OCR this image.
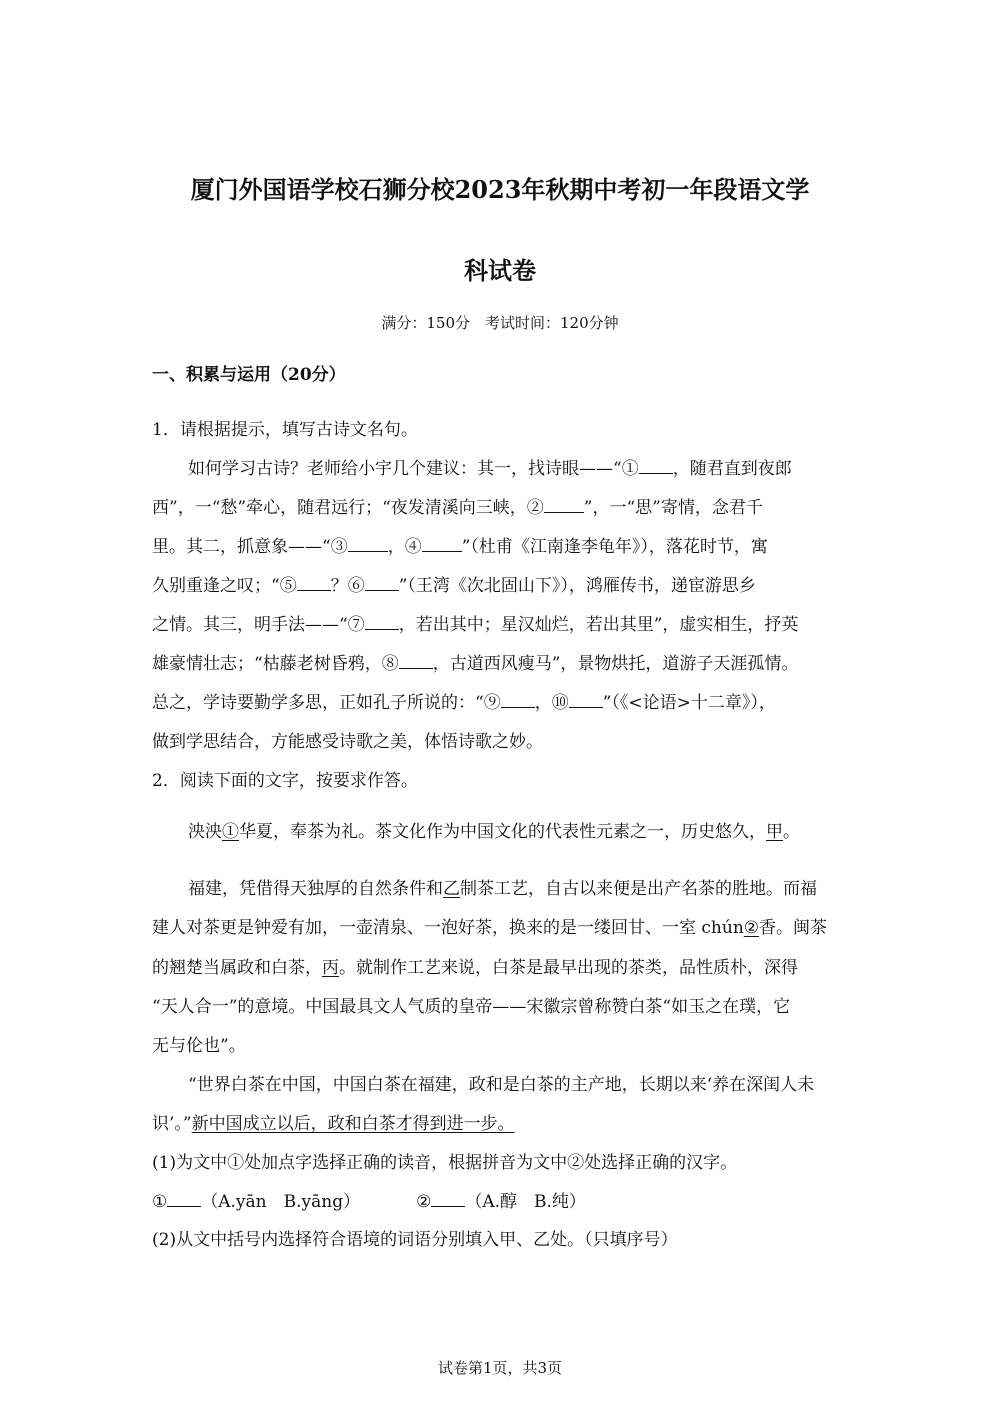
厦门外国语学校石狮分校2023年秋期中考初一年段语文学
科试卷
满分：150分　考试时间：120分钟
一、积累与运用（20分）
1．请根据提示，填写古诗文名句。
如何学习古诗？老师给小宇几个建议：其一，找诗眼——“① ，随君直到夜郎
西”，一“愁”牵心，随君远行；“夜发清溪向三峡，② ”，一“思”寄情，念君千
里。其二，抓意象——“③ ，④ ”（杜甫《江南逢李龟年》），落花时节，寓
久别重逢之叹；“⑤ ？⑥ ”（王湾《次北固山下》），鸿雁传书，递宦游思乡
之情。其三，明手法——“⑦ ，若出其中；星汉灿烂，若出其里”，虚实相生，抒英
雄豪情壮志；“枯藤老树昏鸦，⑧ ，古道西风瘦马”，景物烘托，道游子天涯孤情。
总之，学诗要勤学多思，正如孔子所说的：“⑨ ，⑩ ”（《<论语>十二章》），
做到学思结合，方能感受诗歌之美，体悟诗歌之妙。
2．阅读下面的文字，按要求作答。
泱泱①华夏，奉茶为礼。茶文化作为中国文化的代表性元素之一，历史悠久，甲。
福建，凭借得天独厚的自然条件和乙制茶工艺，自古以来便是出产名茶的胜地。而福
建人对茶更是钟爱有加，一壶清泉、一泡好茶，换来的是一缕回甘、一室 chún②香。闽茶
的翘楚当属政和白茶，丙。就制作工艺来说，白茶是最早出现的茶类，品性质朴，深得
“天人合一”的意境。中国最具文人气质的皇帝——宋徽宗曾称赞白茶“如玉之在璞，它
无与伦也”。
“世界白茶在中国，中国白茶在福建，政和是白茶的主产地，长期以来‘养在深闺人未
识’。”新中国成立以后，政和白茶才得到进一步。
(1)为文中①处加点字选择正确的读音，根据拼音为文中②处选择正确的汉字。
① （A.yān　B.yāng）	② （A.醇　B.纯）
(2)从文中括号内选择符合语境的词语分别填入甲、乙处。（只填序号）
试卷第1页，共3页
